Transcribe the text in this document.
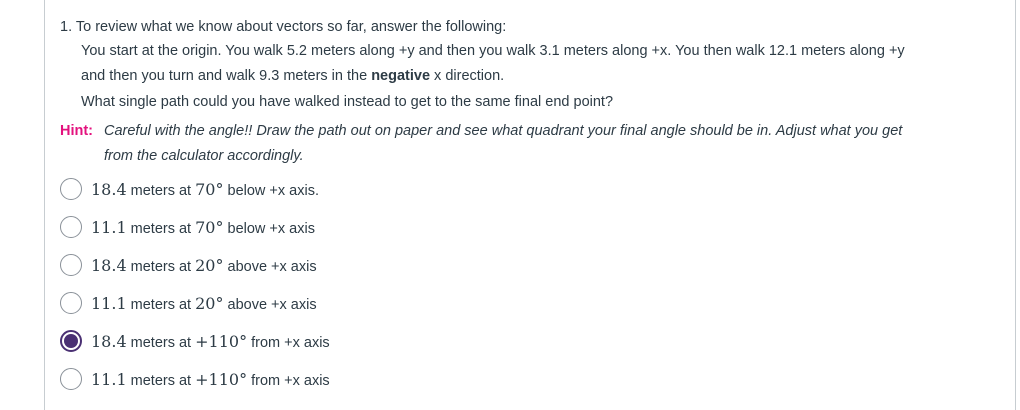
1. To review what we know about vectors so far, answer the following:
You start at the origin. You walk 5.2 meters along +y and then you walk 3.1 meters along +x. You then walk 12.1 meters along +y
and then you turn and walk 9.3 meters in the negative x direction.
What single path could you have walked instead to get to the same final end point?
Hint: Careful with the angle!! Draw the path out on paper and see what quadrant your final angle should be in. Adjust what you get
from the calculator accordingly.
18.4 meters at 70° below +x axis.
11.1 meters at 70° below +x axis
18.4 meters at 20° above +x axis
11.1 meters at 20° above +x axis
18.4 meters at +110° from +x axis
11.1 meters at +110° from +x axis
